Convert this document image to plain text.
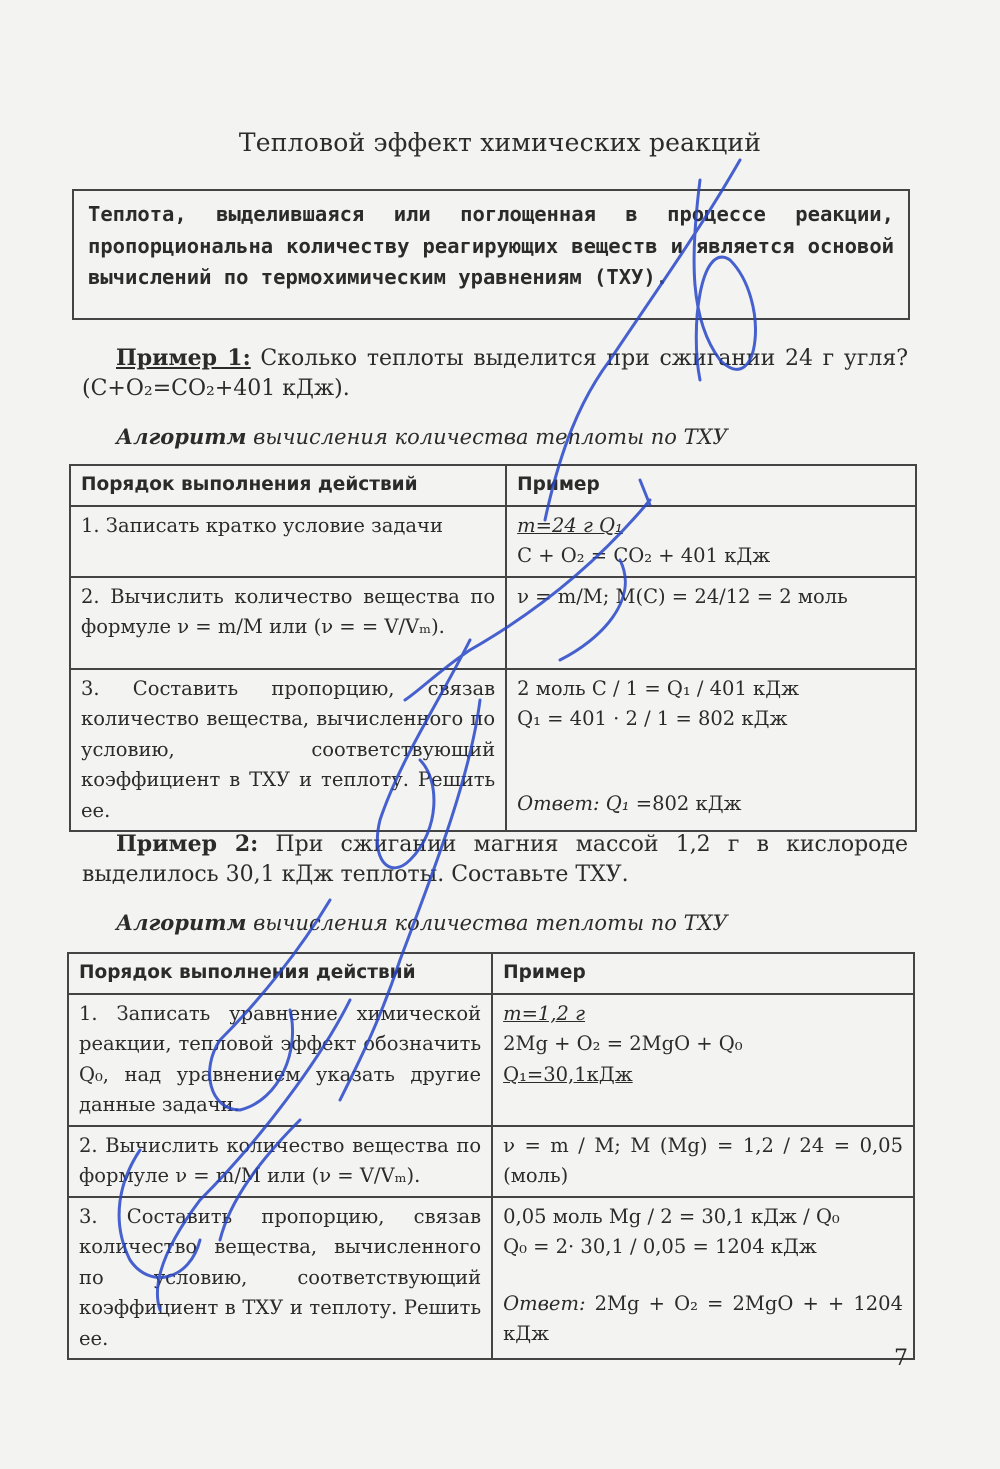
Тепловой эффект химических реакций
Теплота, выделившаяся или поглощенная в процессе реакции, пропорциональна количеству реагирующих веществ и является основой вычислений по термохимическим уравнениям (ТХУ).
Пример 1: Сколько теплоты выделится при сжигании 24 г угля? (C+O₂=CO₂+401 кДж).
Алгоритм вычисления количества теплоты по ТХУ
Порядок выполнения действий	Пример
1. Записать кратко условие задачи	m=24 г Q₁
C + O₂ = CO₂ + 401 кДж

2. Вычислить количество вещества по формуле ν = m/M или (ν = = V/Vₘ).	ν = m/M; M(C) = 24/12 = 2 моль
3. Составить пропорцию, связав количество вещества, вычисленного по условию, соответствующий коэффициент в ТХУ и теплоту. Решить ее.	2 моль С / 1 = Q₁ / 401 кДж
Q₁ = 401 · 2 / 1 = 802 кДж
Ответ: Q₁ =802 кДж
Пример 2: При сжигании магния массой 1,2 г в кислороде выделилось 30,1 кДж теплоты. Составьте ТХУ.
Алгоритм вычисления количества теплоты по ТХУ
Порядок выполнения действий	Пример
1. Записать уравнение химической реакции, тепловой эффект обозначить Q₀, над уравнением указать другие данные задачи.	m=1,2 г
2Mg + O₂ = 2MgO + Q₀
Q₁=30,1кДж

2. Вычислить количество вещества по формуле ν = m/M или (ν = V/Vₘ).	ν = m / M; M (Mg) = 1,2 / 24 = 0,05 (моль)
3. Составить пропорцию, связав количество вещества, вычисленного по условию, соответствующий коэффициент в ТХУ и теплоту. Решить ее.	0,05 моль Mg / 2 = 30,1 кДж / Q₀
Q₀ = 2· 30,1 / 0,05 = 1204 кДж
Ответ: 2Mg + O₂ = 2MgO + + 1204 кДж
7
